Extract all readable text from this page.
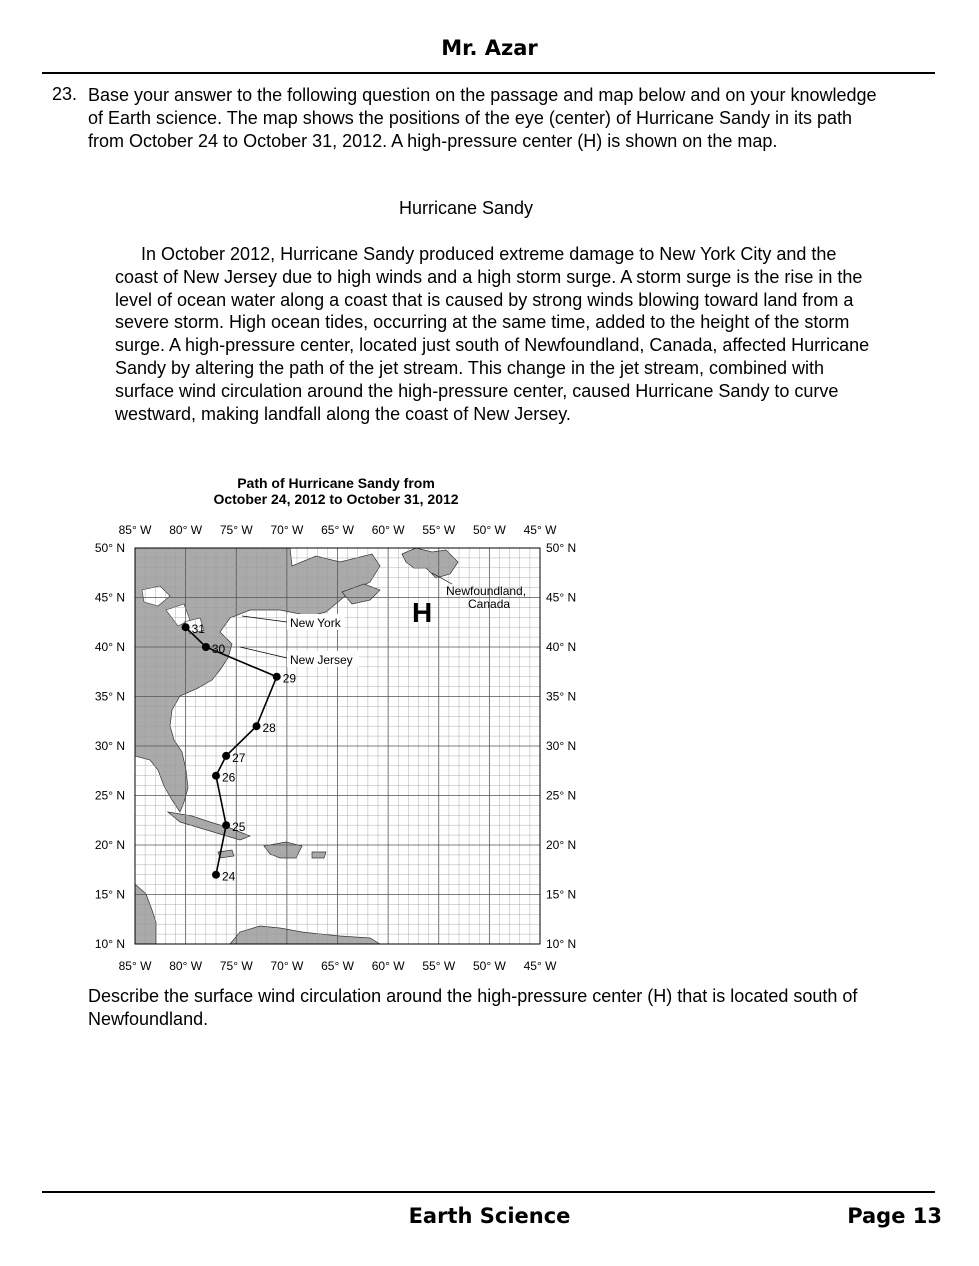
Mr. Azar
23. Base your answer to the following question on the passage and map below and on your knowledge of Earth science. The map shows the positions of the eye (center) of Hurricane Sandy in its path from October 24 to October 31, 2012. A high-pressure center (H) is shown on the map.
Hurricane Sandy
In October 2012, Hurricane Sandy produced extreme damage to New York City and the coast of New Jersey due to high winds and a high storm surge. A storm surge is the rise in the level of ocean water along a coast that is caused by strong winds blowing toward land from a severe storm. High ocean tides, occurring at the same time, added to the height of the storm surge. A high-pressure center, located just south of Newfoundland, Canada, affected Hurricane Sandy by altering the path of the jet stream. This change in the jet stream, combined with surface wind circulation around the high-pressure center, caused Hurricane Sandy to curve westward, making landfall along the coast of New Jersey.
Path of Hurricane Sandy from
October 24, 2012 to October 31, 2012
85° W
85° W
80° W
80° W
75° W
75° W
70° W
70° W
65° W
65° W
60° W
60° W
55° W
55° W
50° W
50° W
45° W
45° W
50° N	50° N
45° N	45° N
40° N	40° N
35° N	35° N
30° N	30° N
25° N	25° N
20° N	20° N
15° N	15° N
10° N	10° N
24
25
26
27
28
29
30
31
H
Newfoundland,
Canada
New York
New Jersey
Describe the surface wind circulation around the high-pressure center (H) that is located south of Newfoundland.
Earth Science	Page 13
